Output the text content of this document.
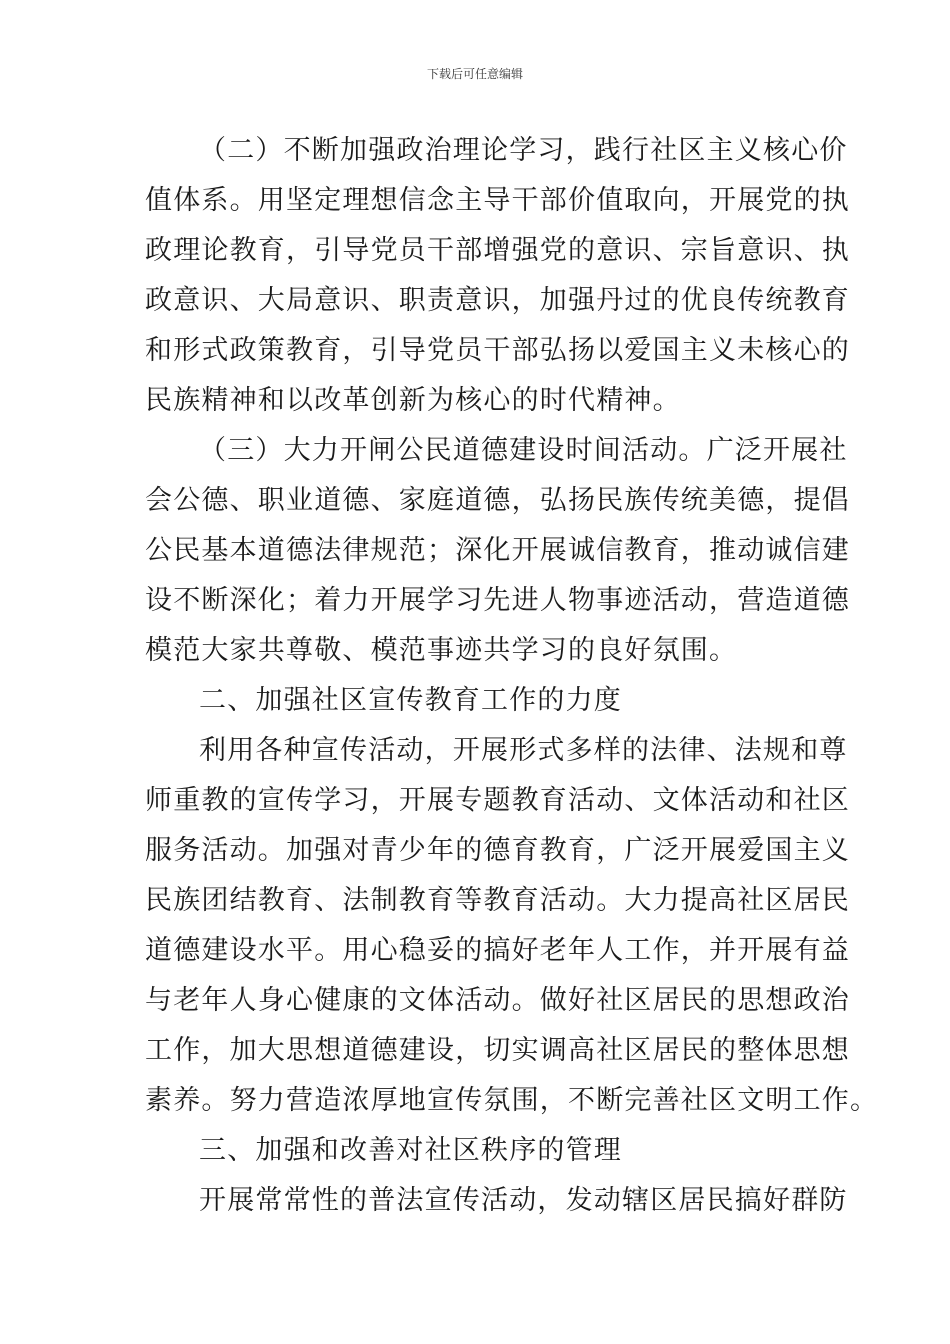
下载后可任意编辑
（二）不断加强政治理论学习，践行社区主义核心价
值体系。用坚定理想信念主导干部价值取向，开展党的执
政理论教育，引导党员干部增强党的意识、宗旨意识、执
政意识、大局意识、职责意识，加强丹过的优良传统教育
和形式政策教育，引导党员干部弘扬以爱国主义未核心的
民族精神和以改革创新为核心的时代精神。
（三）大力开闸公民道德建设时间活动。广泛开展社
会公德、职业道德、家庭道德，弘扬民族传统美德，提倡
公民基本道德法律规范；深化开展诚信教育，推动诚信建
设不断深化；着力开展学习先进人物事迹活动，营造道德
模范大家共尊敬、模范事迹共学习的良好氛围。
二、加强社区宣传教育工作的力度
利用各种宣传活动，开展形式多样的法律、法规和尊
师重教的宣传学习，开展专题教育活动、文体活动和社区
服务活动。加强对青少年的德育教育，广泛开展爱国主义
民族团结教育、法制教育等教育活动。大力提高社区居民
道德建设水平。用心稳妥的搞好老年人工作，并开展有益
与老年人身心健康的文体活动。做好社区居民的思想政治
工作，加大思想道德建设，切实调高社区居民的整体思想
素养。努力营造浓厚地宣传氛围，不断完善社区文明工作。
三、加强和改善对社区秩序的管理
开展常常性的普法宣传活动，发动辖区居民搞好群防
